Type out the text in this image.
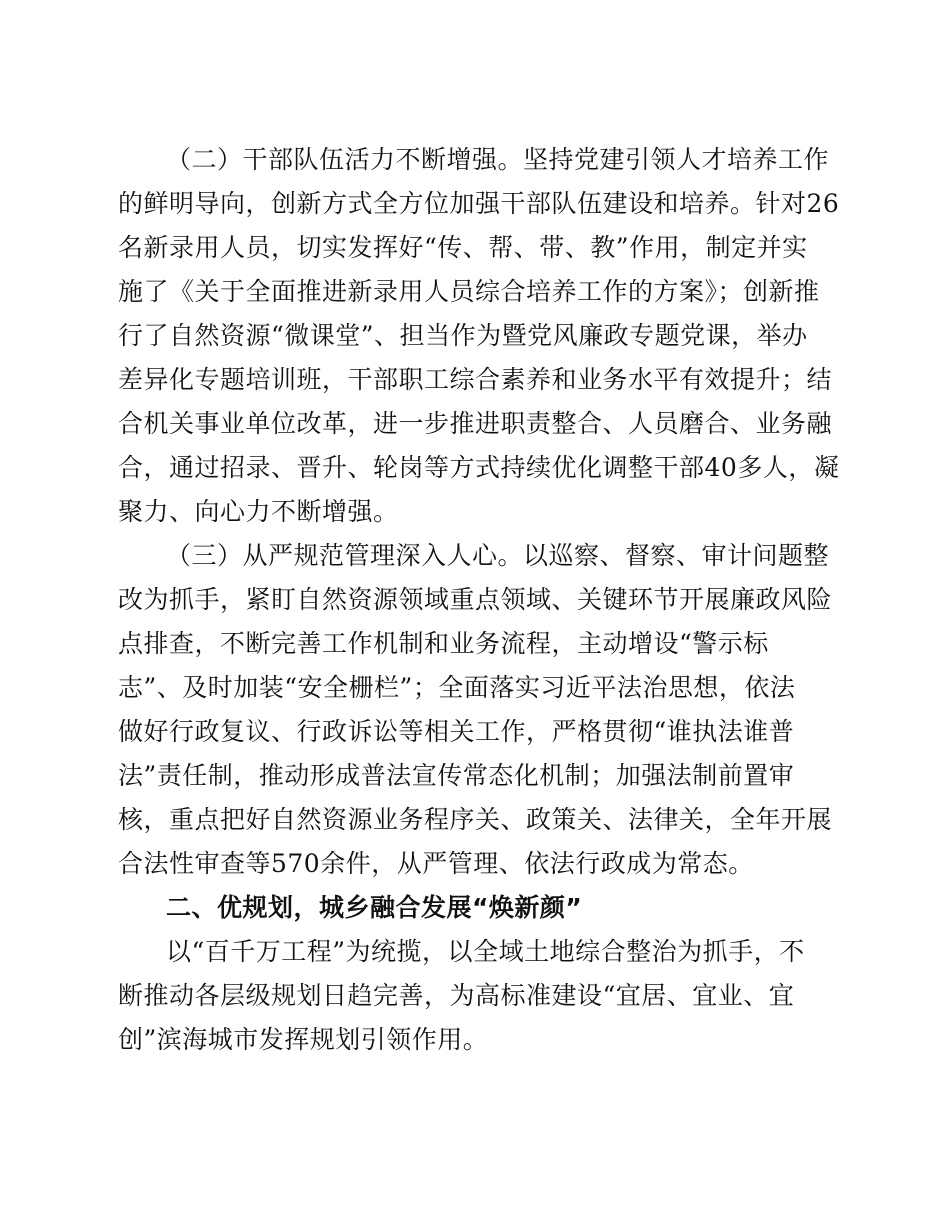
（二）干部队伍活力不断增强。坚持党建引领人才培养工作
的鲜明导向，创新方式全方位加强干部队伍建设和培养。针对26
名新录用人员，切实发挥好“传、帮、带、教”作用，制定并实
施了《关于全面推进新录用人员综合培养工作的方案》；创新推
行了自然资源“微课堂”、担当作为暨党风廉政专题党课，举办
差异化专题培训班，干部职工综合素养和业务水平有效提升；结
合机关事业单位改革，进一步推进职责整合、人员磨合、业务融
合，通过招录、晋升、轮岗等方式持续优化调整干部40多人，凝
聚力、向心力不断增强。
（三）从严规范管理深入人心。以巡察、督察、审计问题整
改为抓手，紧盯自然资源领域重点领域、关键环节开展廉政风险
点排查，不断完善工作机制和业务流程，主动增设“警示标
志”、及时加装“安全栅栏”；全面落实习近平法治思想，依法
做好行政复议、行政诉讼等相关工作，严格贯彻“谁执法谁普
法”责任制，推动形成普法宣传常态化机制；加强法制前置审
核，重点把好自然资源业务程序关、政策关、法律关，全年开展
合法性审查等570余件，从严管理、依法行政成为常态。
二、优规划，城乡融合发展“焕新颜”
以“百千万工程”为统揽，以全域土地综合整治为抓手，不
断推动各层级规划日趋完善，为高标准建设“宜居、宜业、宜
创”滨海城市发挥规划引领作用。
